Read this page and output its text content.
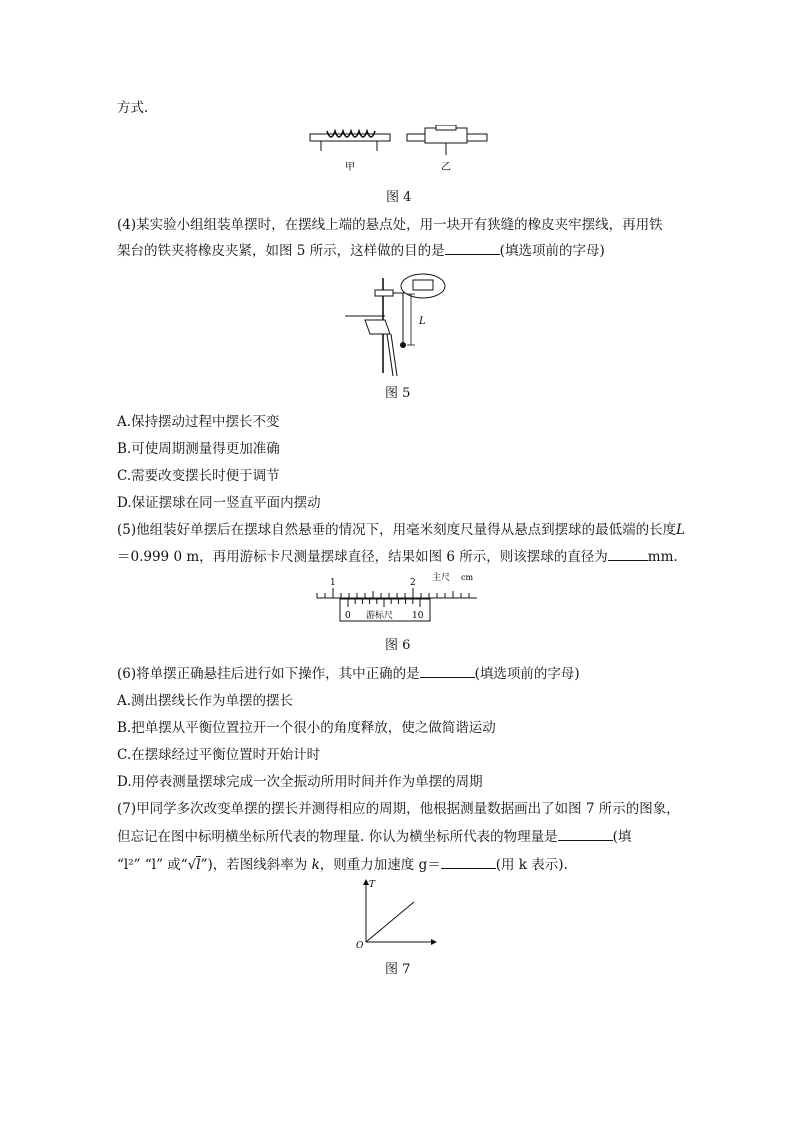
方式.
甲	乙
图 4
(4)某实验小组组装单摆时，在摆线上端的悬点处，用一块开有狭缝的橡皮夹牢摆线，再用铁
架台的铁夹将橡皮夹紧，如图 5 所示，这样做的目的是	(填选项前的字母)
L
图 5
A.保持摆动过程中摆长不变
B.可使周期测量得更加准确
C.需要改变摆长时便于调节
D.保证摆球在同一竖直平面内摆动
(5)他组装好单摆后在摆球自然悬垂的情况下，用毫米刻度尺量得从悬点到摆球的最低端的长度L
＝0.999 0 m，再用游标卡尺测量摆球直径，结果如图 6 所示，则该摆球的直径为	mm.
1	2 主尺 cm
0 游标尺 10
图 6
(6)将单摆正确悬挂后进行如下操作，其中正确的是	(填选项前的字母)
A.测出摆线长作为单摆的摆长
B.把单摆从平衡位置拉开一个很小的角度释放，使之做简谐运动
C.在摆球经过平衡位置时开始计时
D.用停表测量摆球完成一次全振动所用时间并作为单摆的周期
(7)甲同学多次改变单摆的摆长并测得相应的周期，他根据测量数据画出了如图 7 所示的图象，
但忘记在图中标明横坐标所代表的物理量. 你认为横坐标所代表的物理量是	(填
“l²” “l” 或“√l”)，若图线斜率为 k，则重力加速度 g＝	(用 k 表示).
T
O
图 7
